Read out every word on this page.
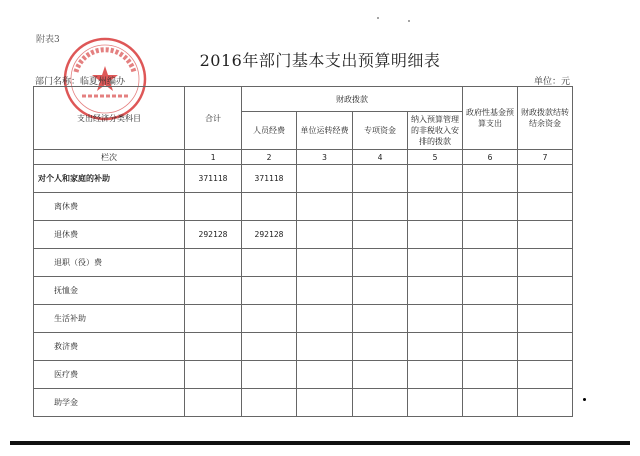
附表3
2016年部门基本支出预算明细表
部门名称：临夏州编办	单位：元
支出经济分类科目	合计	财政拨款				政府性基金预算支出	财政拨款结转结余资金
		人员经费	单位运转经费	专项资金	纳入预算管理的非税收入安排的拨款		
栏次	1	2	3	4	5	6	7
对个人和家庭的补助	371118	371118					
离休费							
退休费	292128	292128					
退职（役）费							
抚恤金							
生活补助							
救济费							
医疗费							
助学金							
